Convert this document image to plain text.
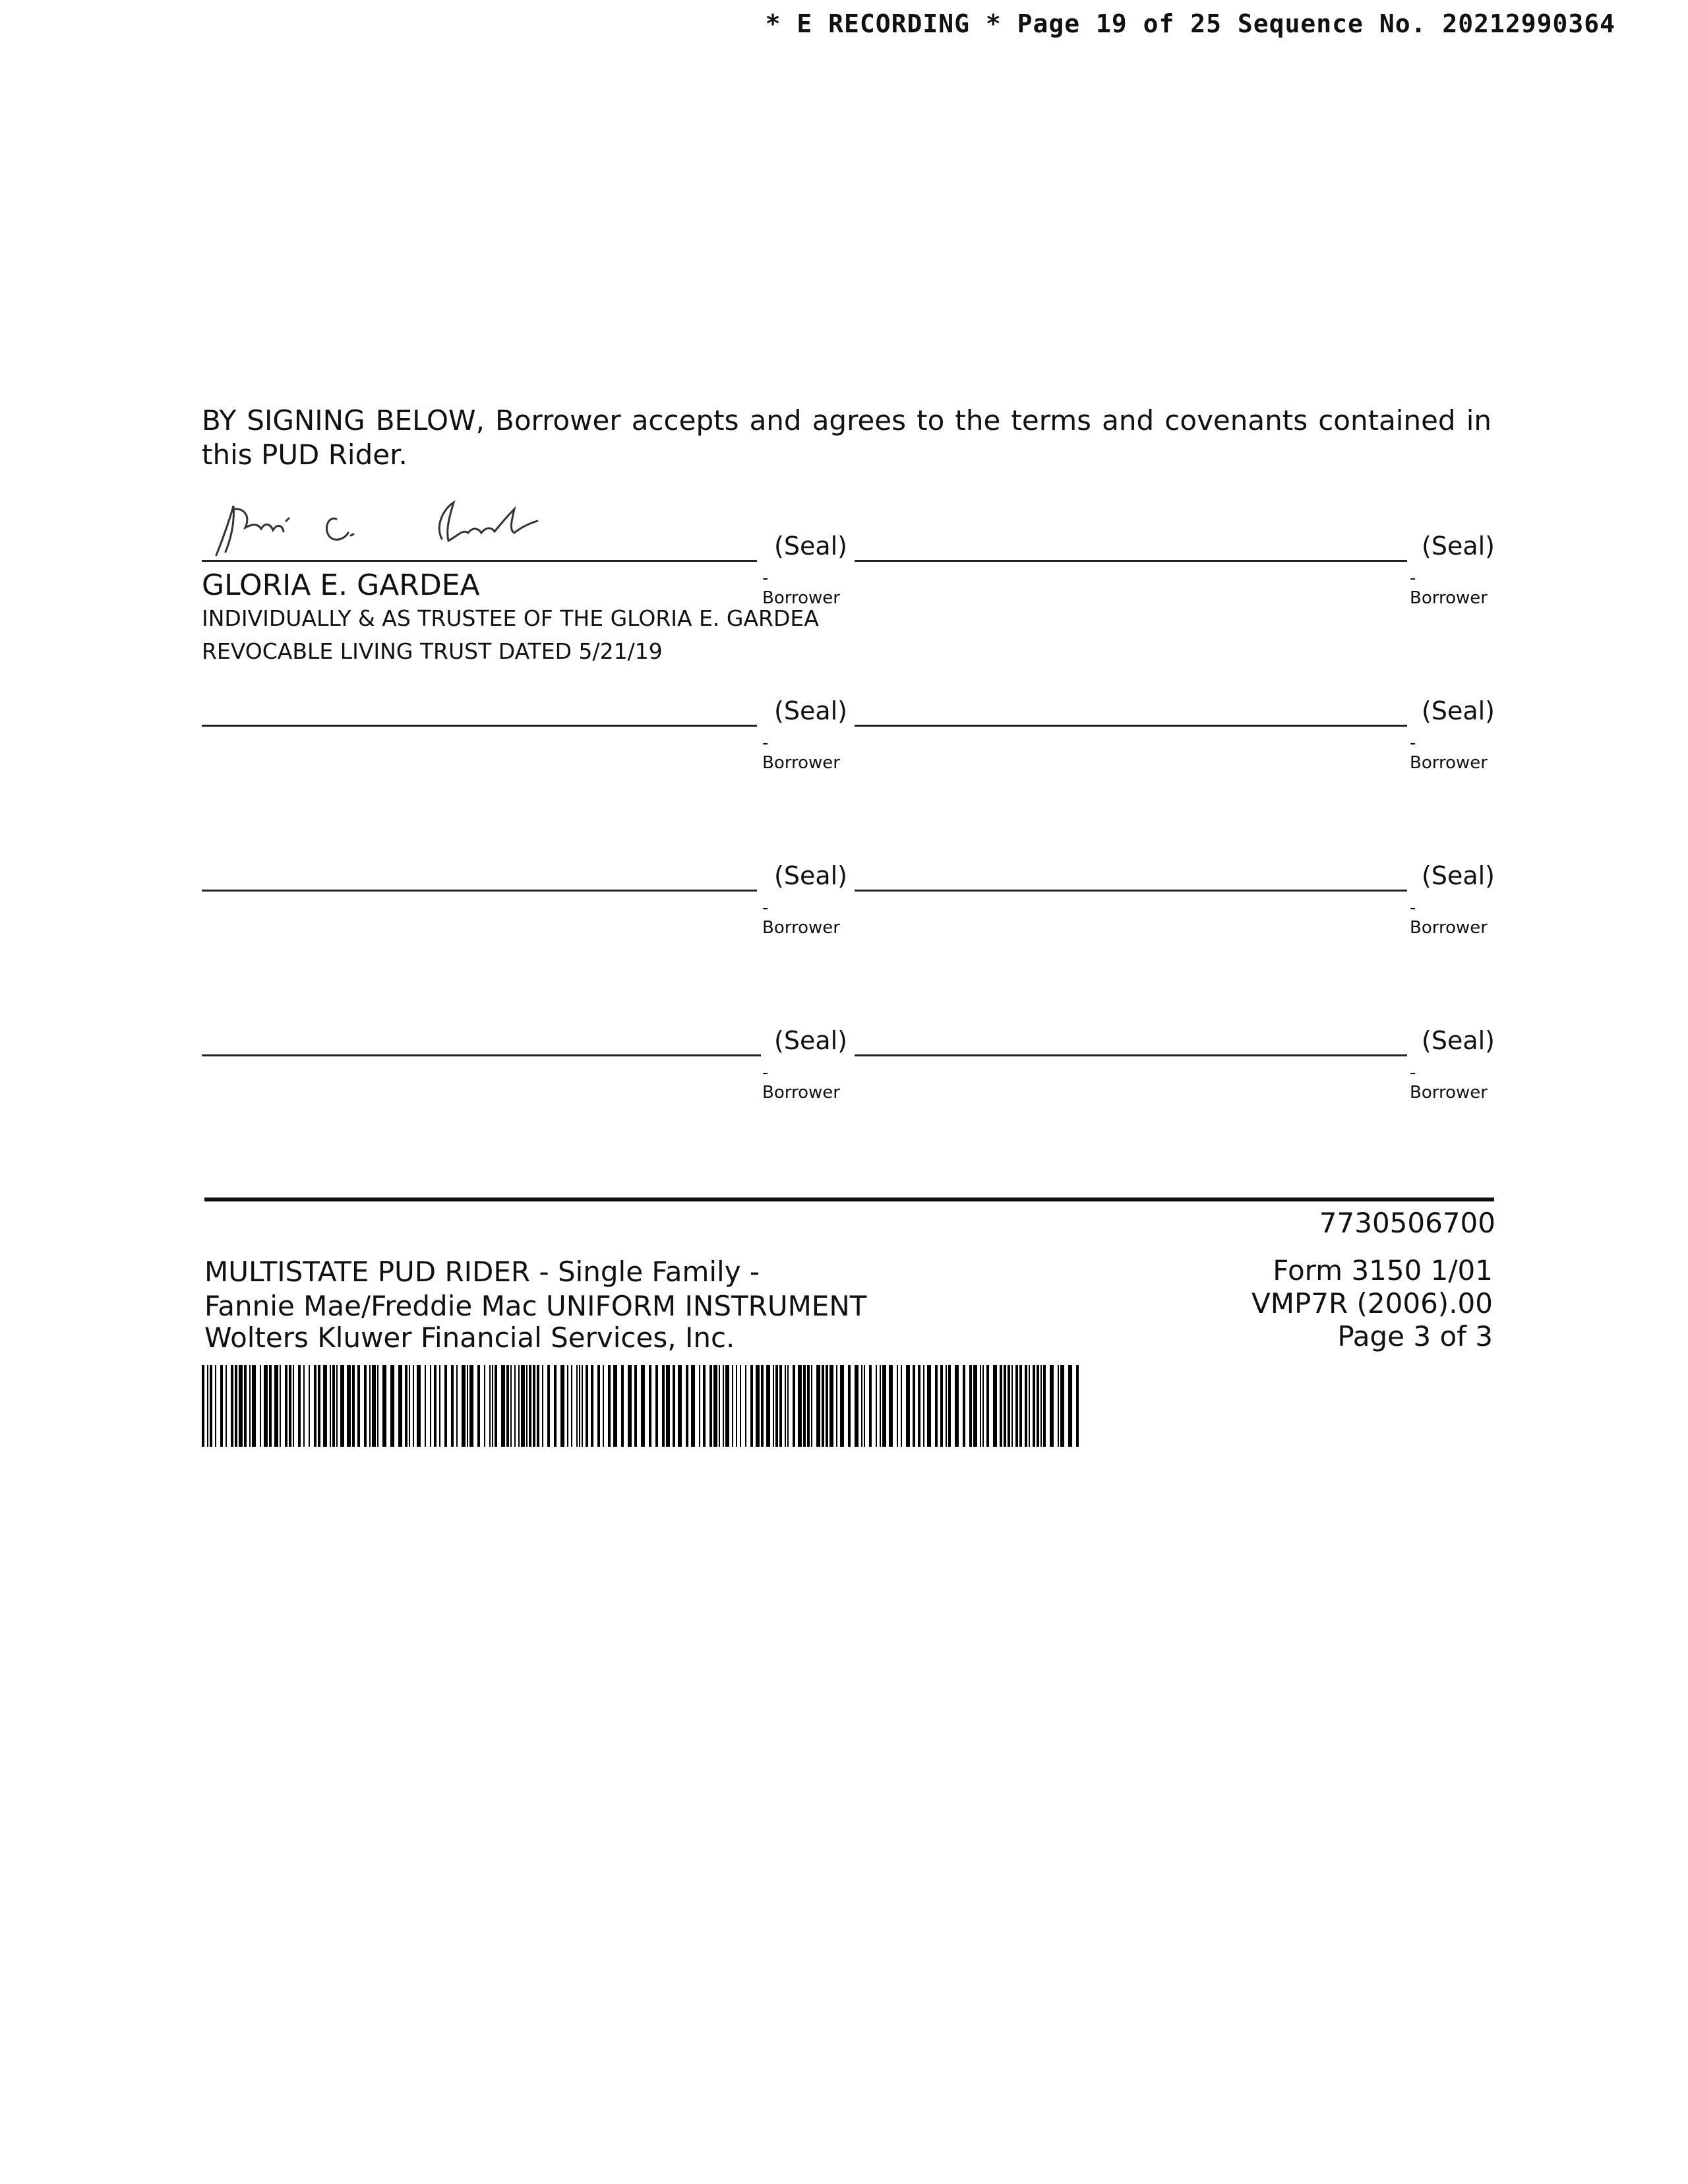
* E RECORDING * Page 19 of 25 Sequence No. 20212990364
BY SIGNING BELOW, Borrower accepts and agrees to the terms and covenants contained in this PUD Rider.
(Seal)
-Borrower
(Seal)
-Borrower
GLORIA E. GARDEA
INDIVIDUALLY & AS TRUSTEE OF THE GLORIA E. GARDEA
REVOCABLE LIVING TRUST DATED 5/21/19
(Seal)
-Borrower
(Seal)
-Borrower
(Seal)
-Borrower
(Seal)
-Borrower
(Seal)
-Borrower
(Seal)
-Borrower
7730506700
MULTISTATE PUD RIDER - Single Family -
Fannie Mae/Freddie Mac UNIFORM INSTRUMENT
Wolters Kluwer Financial Services, Inc.
Form 3150 1/01
VMP7R (2006).00
Page 3 of 3
